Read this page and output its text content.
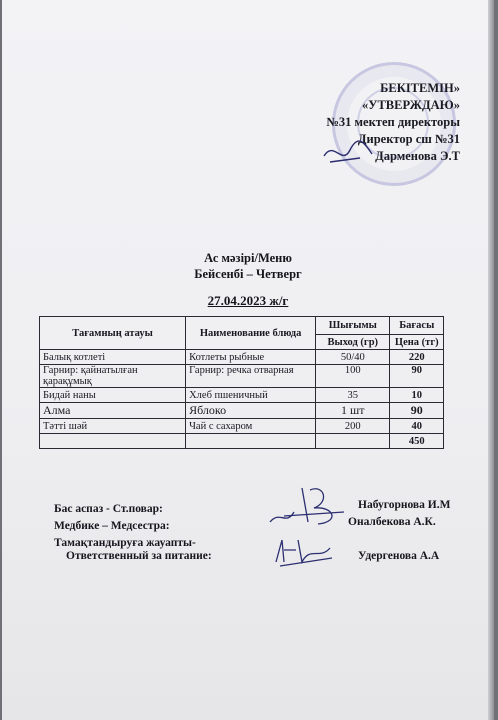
БЕКІТЕМІН»
«УТВЕРЖДАЮ»
№31 мектеп директоры
Директор сш №31
Дарменова Э.Т
Ас мәзірі/Меню
Бейсенбі – Четверг
27.04.2023 ж/г
Тағамның атауы	Наименование блюда	Шығымы	Бағасы
		Выход (гр)	Цена (тг)
Балық котлеті	Котлеты рыбные	50/40	220
Гарнир: қайнатылған қарақұмық	Гарнир: речка отварная	100	90
Бидай наны	Хлеб пшеничный	35	10
Алма	Яблоко	1 шт	90
Тәтті шәй	Чай с сахаром	200	40
			450
Бас аспаз - Ст.повар:	Набугорнова И.М
Медбике – Медсестра:	Оналбекова А.К.
Тамақтандыруға жауапты-
Ответственный за питание:	Удергенова А.А
